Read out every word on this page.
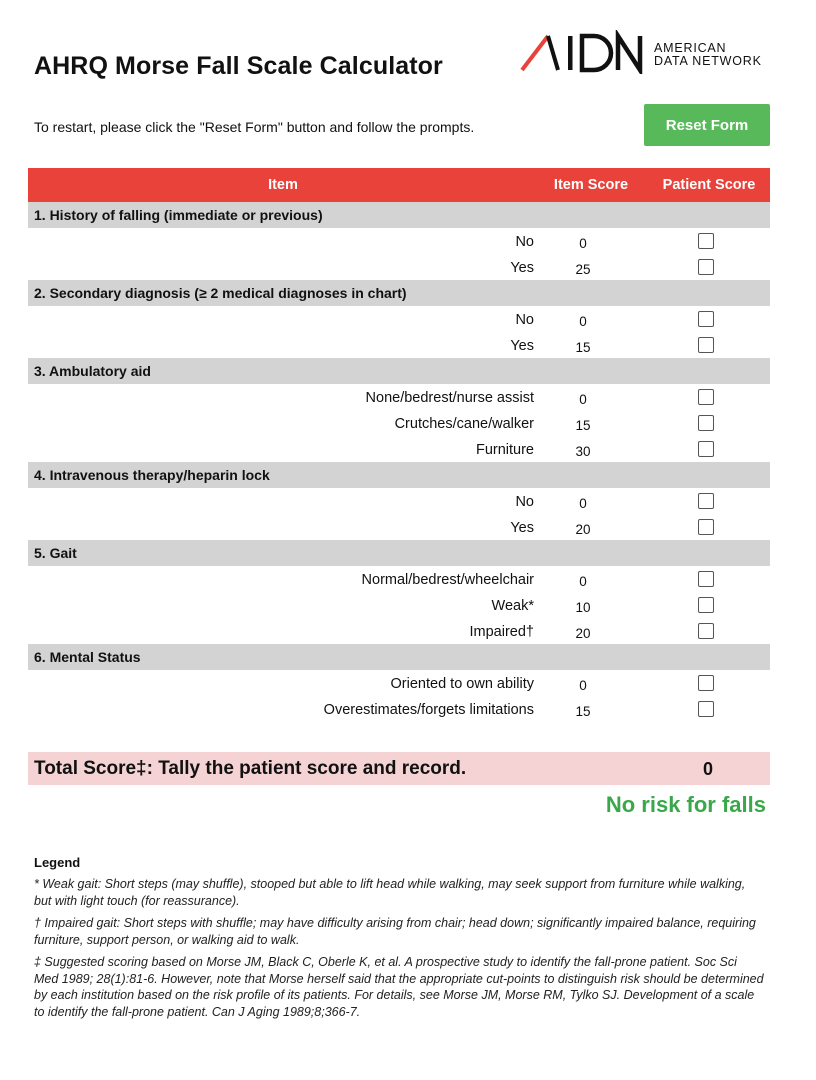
AHRQ Morse Fall Scale Calculator
AMERICAN
DATA NETWORK
To restart, please click the "Reset Form" button and follow the prompts.	Reset Form
Item	Item Score	Patient Score
1. History of falling (immediate or previous)
No	0
Yes	25
2. Secondary diagnosis (≥ 2 medical diagnoses in chart)
No	0
Yes	15
3. Ambulatory aid
None/bedrest/nurse assist	0
Crutches/cane/walker	15
Furniture	30
4. Intravenous therapy/heparin lock
No	0
Yes	20
5. Gait
Normal/bedrest/wheelchair	0
Weak*	10
Impaired†	20
6. Mental Status
Oriented to own ability	0
Overestimates/forgets limitations	15
Total Score‡: Tally the patient score and record.	0
No risk for falls
Legend

* Weak gait: Short steps (may shuffle), stooped but able to lift head while walking, may seek support from furniture while walking, but with light touch (for reassurance).

† Impaired gait: Short steps with shuffle; may have difficulty arising from chair; head down; significantly impaired balance, requiring furniture, support person, or walking aid to walk.

‡ Suggested scoring based on Morse JM, Black C, Oberle K, et al. A prospective study to identify the fall-prone patient. Soc Sci Med 1989; 28(1):81-6. However, note that Morse herself said that the appropriate cut-points to distinguish risk should be determined by each institution based on the risk profile of its patients. For details, see Morse JM, Morse RM, Tylko SJ. Development of a scale to identify the fall-prone patient. Can J Aging 1989;8;366-7.
